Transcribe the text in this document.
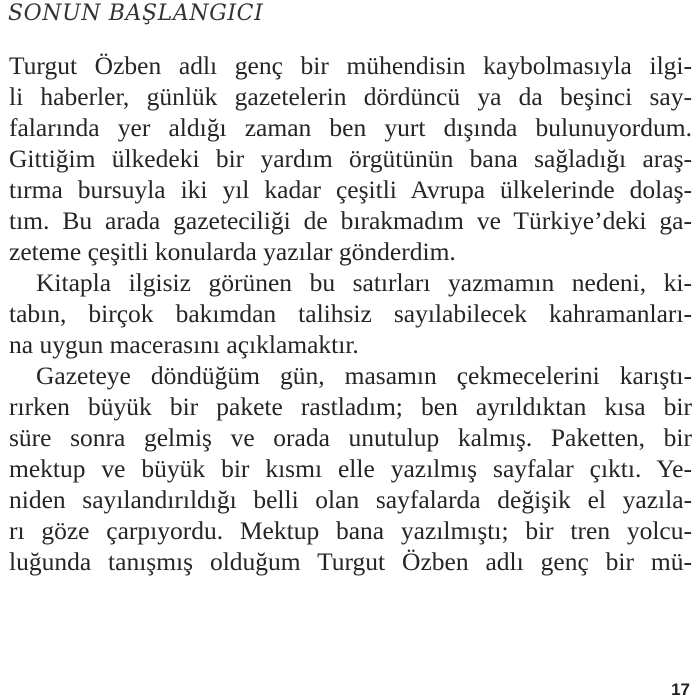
SONUN BAŞLANGICI
Turgut Özben adlı genç bir mühendisin kaybolmasıyla ilgi-
li haberler, günlük gazetelerin dördüncü ya da beşinci say-
falarında yer aldığı zaman ben yurt dışında bulunuyordum.
Gittiğim ülkedeki bir yardım örgütünün bana sağladığı araş-
tırma bursuyla iki yıl kadar çeşitli Avrupa ülkelerinde dolaş-
tım. Bu arada gazeteciliği de bırakmadım ve Türkiye’deki ga-
zeteme çeşitli konularda yazılar gönderdim.
Kitapla ilgisiz görünen bu satırları yazmamın nedeni, ki-
tabın, birçok bakımdan talihsiz sayılabilecek kahramanları-
na uygun macerasını açıklamaktır.
Gazeteye döndüğüm gün, masamın çekmecelerini karıştı-
rırken büyük bir pakete rastladım; ben ayrıldıktan kısa bir
süre sonra gelmiş ve orada unutulup kalmış. Paketten, bir
mektup ve büyük bir kısmı elle yazılmış sayfalar çıktı. Ye-
niden sayılandırıldığı belli olan sayfalarda değişik el yazıla-
rı göze çarpıyordu. Mektup bana yazılmıştı; bir tren yolcu-
luğunda tanışmış olduğum Turgut Özben adlı genç bir mü-
17
